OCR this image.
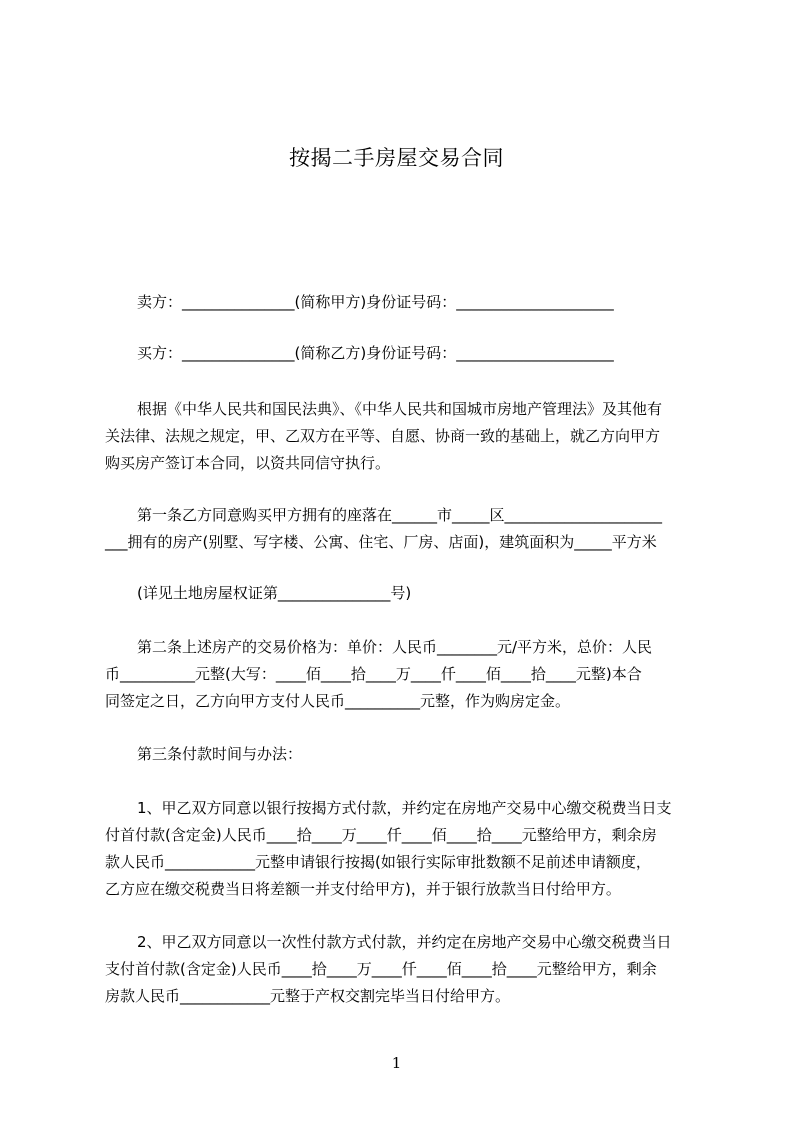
按揭二手房屋交易合同
卖方：_______________(简称甲方)身份证号码：_____________________
买方：_______________(简称乙方)身份证号码：_____________________
根据《中华人民共和国民法典》、《中华人民共和国城市房地产管理法》及其他有
关法律、法规之规定，甲、乙双方在平等、自愿、协商一致的基础上，就乙方向甲方
购买房产签订本合同，以资共同信守执行。
第一条乙方同意购买甲方拥有的座落在______市_____区_____________________
___拥有的房产(别墅、写字楼、公寓、住宅、厂房、店面)，建筑面积为_____平方米
(详见土地房屋权证第_______________号)
第二条上述房产的交易价格为：单价：人民币________元/平方米，总价：人民
币__________元整(大写：____佰____拾____万____仟____佰____拾____元整)本合
同签定之日，乙方向甲方支付人民币__________元整，作为购房定金。
第三条付款时间与办法：
1、甲乙双方同意以银行按揭方式付款，并约定在房地产交易中心缴交税费当日支
付首付款(含定金)人民币____拾____万____仟____佰____拾____元整给甲方，剩余房
款人民币____________元整申请银行按揭(如银行实际审批数额不足前述申请额度，
乙方应在缴交税费当日将差额一并支付给甲方)，并于银行放款当日付给甲方。
2、甲乙双方同意以一次性付款方式付款，并约定在房地产交易中心缴交税费当日
支付首付款(含定金)人民币____拾____万____仟____佰____拾____元整给甲方，剩余
房款人民币____________元整于产权交割完毕当日付给甲方。
1
